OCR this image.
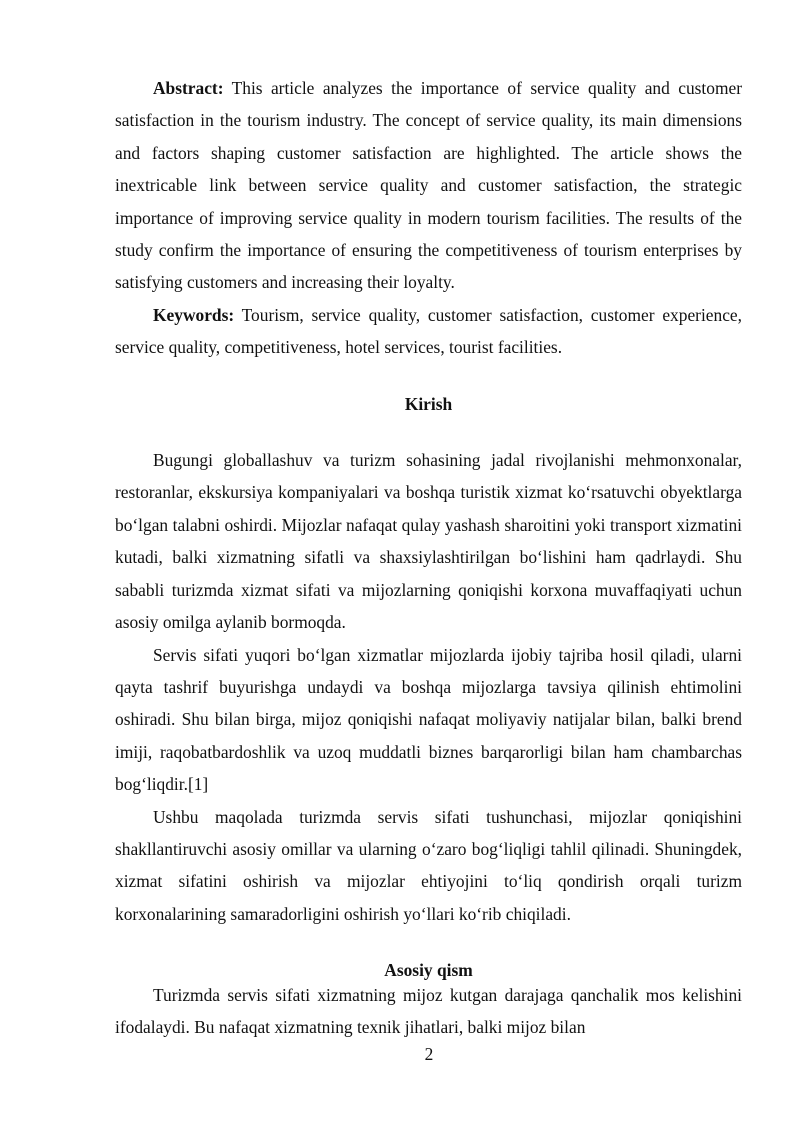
Abstract: This article analyzes the importance of service quality and customer satisfaction in the tourism industry. The concept of service quality, its main dimensions and factors shaping customer satisfaction are highlighted. The article shows the inextricable link between service quality and customer satisfaction, the strategic importance of improving service quality in modern tourism facilities. The results of the study confirm the importance of ensuring the competitiveness of tourism enterprises by satisfying customers and increasing their loyalty.

Keywords: Tourism, service quality, customer satisfaction, customer experience, service quality, competitiveness, hotel services, tourist facilities.

Kirish

Bugungi globallashuv va turizm sohasining jadal rivojlanishi mehmonxonalar, restoranlar, ekskursiya kompaniyalari va boshqa turistik xizmat koʻrsatuvchi obyektlarga boʻlgan talabni oshirdi. Mijozlar nafaqat qulay yashash sharoitini yoki transport xizmatini kutadi, balki xizmatning sifatli va shaxsiylashtirilgan boʻlishini ham qadrlaydi. Shu sababli turizmda xizmat sifati va mijozlarning qoniqishi korxona muvaffaqiyati uchun asosiy omilga aylanib bormoqda.

Servis sifati yuqori boʻlgan xizmatlar mijozlarda ijobiy tajriba hosil qiladi, ularni qayta tashrif buyurishga undaydi va boshqa mijozlarga tavsiya qilinish ehtimolini oshiradi. Shu bilan birga, mijoz qoniqishi nafaqat moliyaviy natijalar bilan, balki brend imiji, raqobatbardoshlik va uzoq muddatli biznes barqarorligi bilan ham chambarchas bogʻliqdir.[1]

Ushbu maqolada turizmda servis sifati tushunchasi, mijozlar qoniqishini shakllantiruvchi asosiy omillar va ularning oʻzaro bogʻliqligi tahlil qilinadi. Shuningdek, xizmat sifatini oshirish va mijozlar ehtiyojini toʻliq qondirish orqali turizm korxonalarining samaradorligini oshirish yoʻllari koʻrib chiqiladi.

Asosiy qism

Turizmda servis sifati xizmatning mijoz kutgan darajaga qanchalik mos kelishini ifodalaydi. Bu nafaqat xizmatning texnik jihatlari, balki mijoz bilan

2
